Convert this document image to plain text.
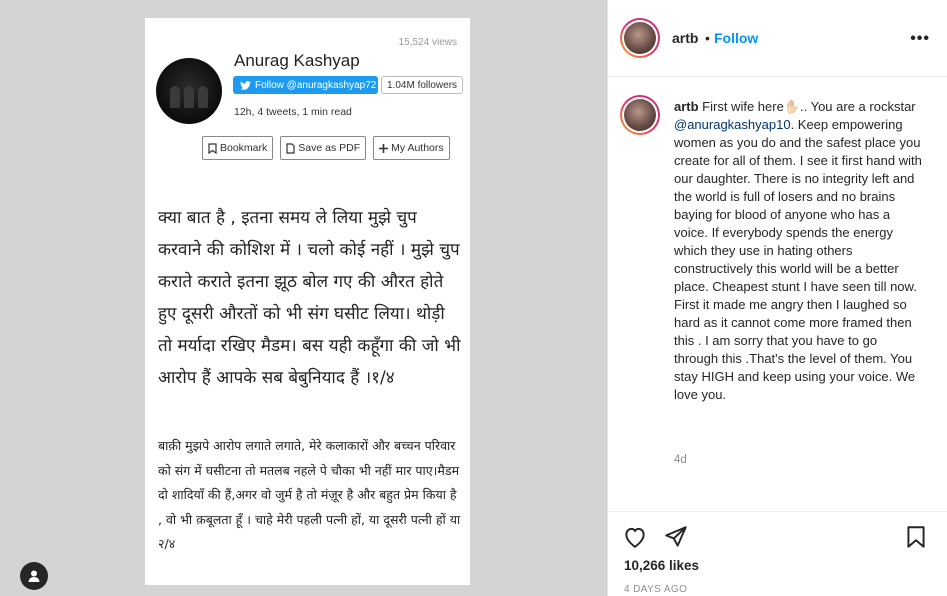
15,524 views
Anurag Kashyap
Follow @anuragkashyap72	1.04M followers
12h, 4 tweets, 1 min read
Bookmark	Save as PDF	My Authors
क्या बात है , इतना समय ले लिया मुझे चुप करवाने की कोशिश में । चलो कोई नहीं । मुझे चुप कराते कराते इतना झूठ बोल गए की औरत होते हुए दूसरी औरतों को भी संग घसीट लिया। थोड़ी तो मर्यादा रखिए मैडम। बस यही कहूँगा की जो भी आरोप हैं आपके सब बेबुनियाद हैं ।१/४
बाक़ी मुझपे आरोप लगाते लगाते, मेरे कलाकारों और बच्चन परिवार को संग में घसीटना तो मतलब नहले पे चौका भी नहीं मार पाए।मैडम दो शादियाँ की हैं,अगर वो जुर्म है तो मंज़ूर है और बहुत प्रेम किया है , वो भी क़बूलता हूँ । चाहे मेरी पहली पत्नी हों, या दूसरी पत्नी हों या २/४
artb • Follow	•••
artb First wife here✋🏻.. You are a rockstar @anuragkashyap10. Keep empowering women as you do and the safest place you create for all of them. I see it first hand with our daughter. There is no integrity left and the world is full of losers and no brains baying for blood of anyone who has a voice. If everybody spends the energy which they use in hating others constructively this world will be a better place. Cheapest stunt I have seen till now. First it made me angry then I laughed so hard as it cannot come more framed then this . I am sorry that you have to go through this .That's the level of them. You stay HIGH and keep using your voice. We love you.
4d
10,266 likes
4 DAYS AGO
